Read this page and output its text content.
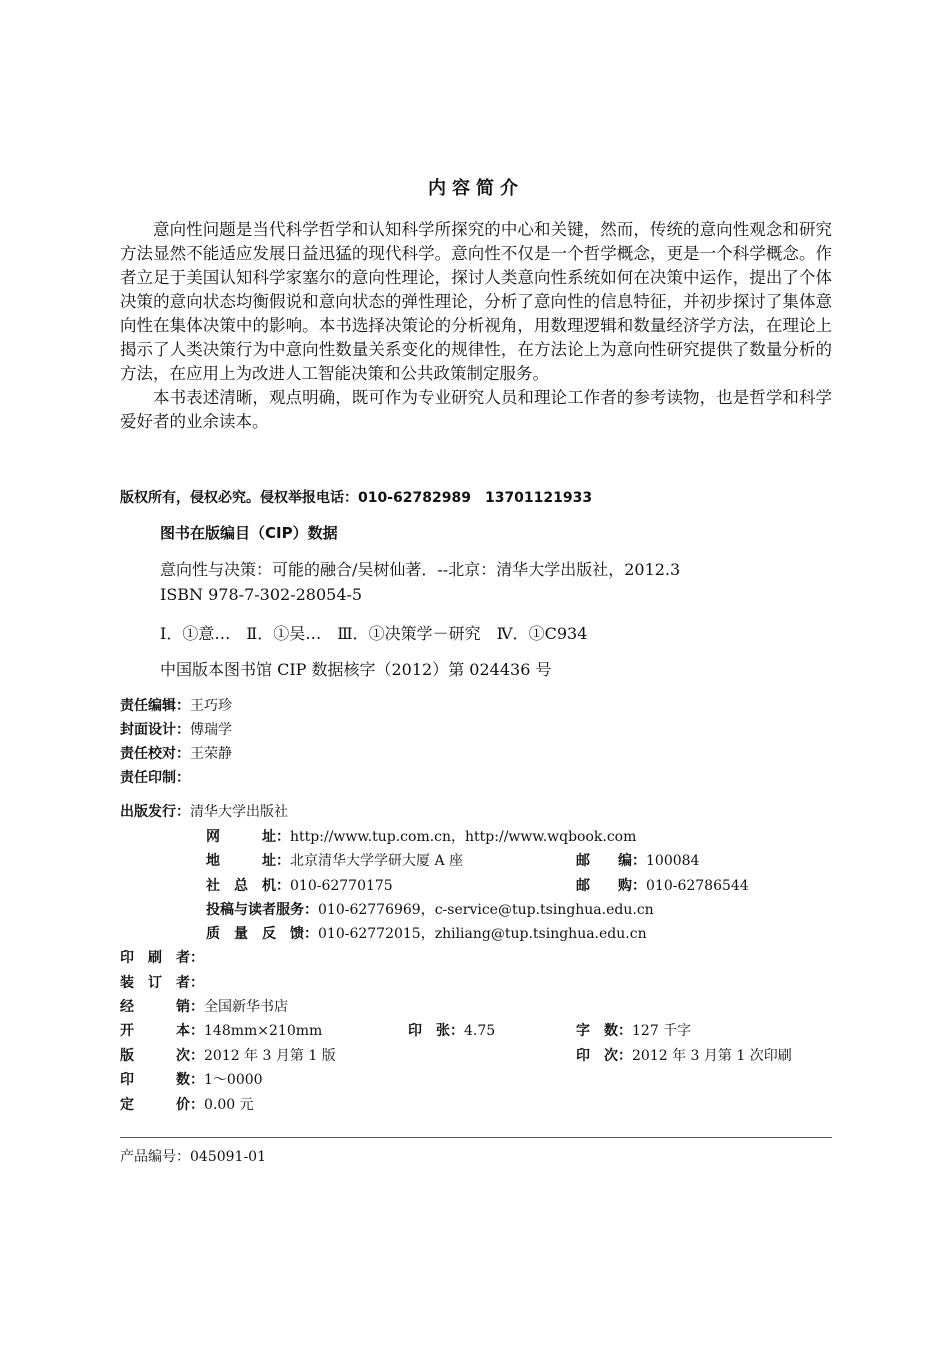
内容简介

意向性问题是当代科学哲学和认知科学所探究的中心和关键，然而，传统的意向性观念和研究方法显然不能适应发展日益迅猛的现代科学。意向性不仅是一个哲学概念，更是一个科学概念。作者立足于美国认知科学家塞尔的意向性理论，探讨人类意向性系统如何在决策中运作，提出了个体决策的意向状态均衡假说和意向状态的弹性理论，分析了意向性的信息特征，并初步探讨了集体意向性在集体决策中的影响。本书选择决策论的分析视角，用数理逻辑和数量经济学方法，在理论上揭示了人类决策行为中意向性数量关系变化的规律性，在方法论上为意向性研究提供了数量分析的方法，在应用上为改进人工智能决策和公共政策制定服务。

本书表述清晰，观点明确，既可作为专业研究人员和理论工作者的参考读物，也是哲学和科学爱好者的业余读本。

版权所有，侵权必究。侵权举报电话：010-62782989　13701121933
图书在版编目（CIP）数据
意向性与决策：可能的融合/吴树仙著．--北京：清华大学出版社，2012.3
ISBN 978-7-302-28054-5
Ⅰ．①意…　Ⅱ．①吴…　Ⅲ．①决策学－研究　Ⅳ．①C934
中国版本图书馆 CIP 数据核字（2012）第 024436 号
责任编辑：王巧珍
封面设计：傅瑞学
责任校对：王荣静
责任印制：
出版发行：清华大学出版社
网　　　址：http://www.tup.com.cn，http://www.wqbook.com
地　　　址：北京清华大学学研大厦 A 座	邮　　编：100084
社　总　机：010-62770175	邮　　购：010-62786544
投稿与读者服务：010-62776969，c-service@tup.tsinghua.edu.cn
质　量　反　馈：010-62772015，zhiliang@tup.tsinghua.edu.cn
印　刷　者：
装　订　者：
经　　　销：全国新华书店
开　　　本：148mm×210mm	印　张：4.75	字　数：127 千字
版　　　次：2012 年 3 月第 1 版	印　次：2012 年 3 月第 1 次印刷
印　　　数：1～0000
定　　　价：0.00 元
产品编号：045091-01
